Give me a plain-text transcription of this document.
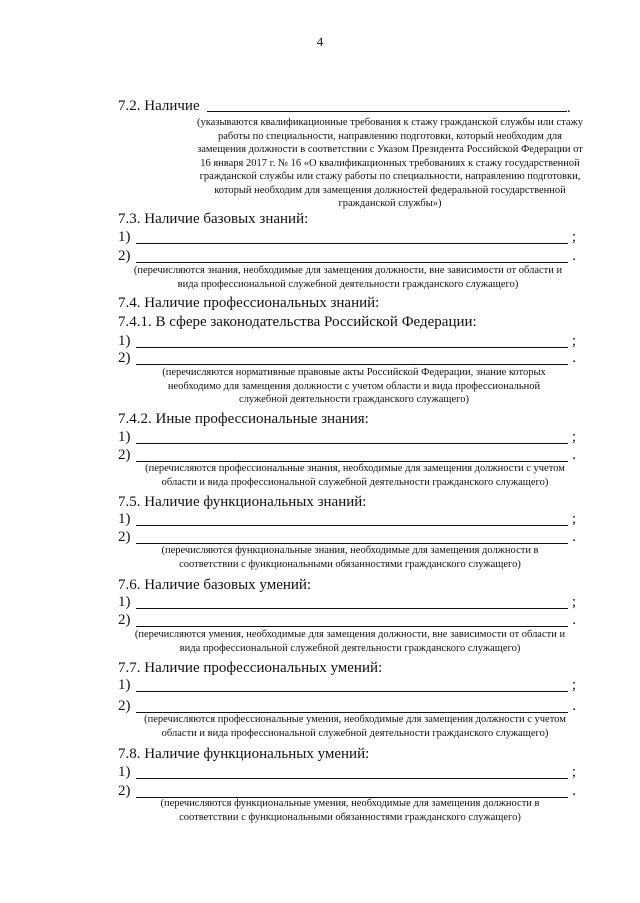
4
7.2. Наличие	.
(указываются квалификационные требования к стажу гражданской службы или стажу работы по специальности, направлению подготовки, который необходим для замещения должности в соответствии с Указом Президента Российской Федерации от 16 января 2017 г. № 16 «О квалификационных требованиях к стажу государственной гражданской службы или стажу работы по специальности, направлению подготовки, который необходим для замещения должностей федеральной государственной гражданской службы»)
7.3. Наличие базовых знаний:
1)	;
2)	.
(перечисляются знания, необходимые для замещения должности, вне зависимости от области и вида профессиональной служебной деятельности гражданского служащего)
7.4. Наличие профессиональных знаний:
7.4.1. В сфере законодательства Российской Федерации:
1)	;
2)	.
(перечисляются нормативные правовые акты Российской Федерации, знание которых необходимо для замещения должности с учетом области и вида профессиональной служебной деятельности гражданского служащего)
7.4.2. Иные профессиональные знания:
1)	;
2)	.
(перечисляются профессиональные знания, необходимые для замещения должности с учетом области и вида профессиональной служебной деятельности гражданского служащего)
7.5. Наличие функциональных знаний:
1)	;
2)	.
(перечисляются функциональные знания, необходимые для замещения должности в соответствии с функциональными обязанностями гражданского служащего)
7.6. Наличие базовых умений:
1)	;
2)	.
(перечисляются умения, необходимые для замещения должности, вне зависимости от области и вида профессиональной служебной деятельности гражданского служащего)
7.7. Наличие профессиональных умений:
1)	;
2)	.
(перечисляются профессиональные умения, необходимые для замещения должности с учетом области и вида профессиональной служебной деятельности гражданского служащего)
7.8. Наличие функциональных умений:
1)	;
2)	.
(перечисляются функциональные умения, необходимые для замещения должности в соответствии с функциональными обязанностями гражданского служащего)
